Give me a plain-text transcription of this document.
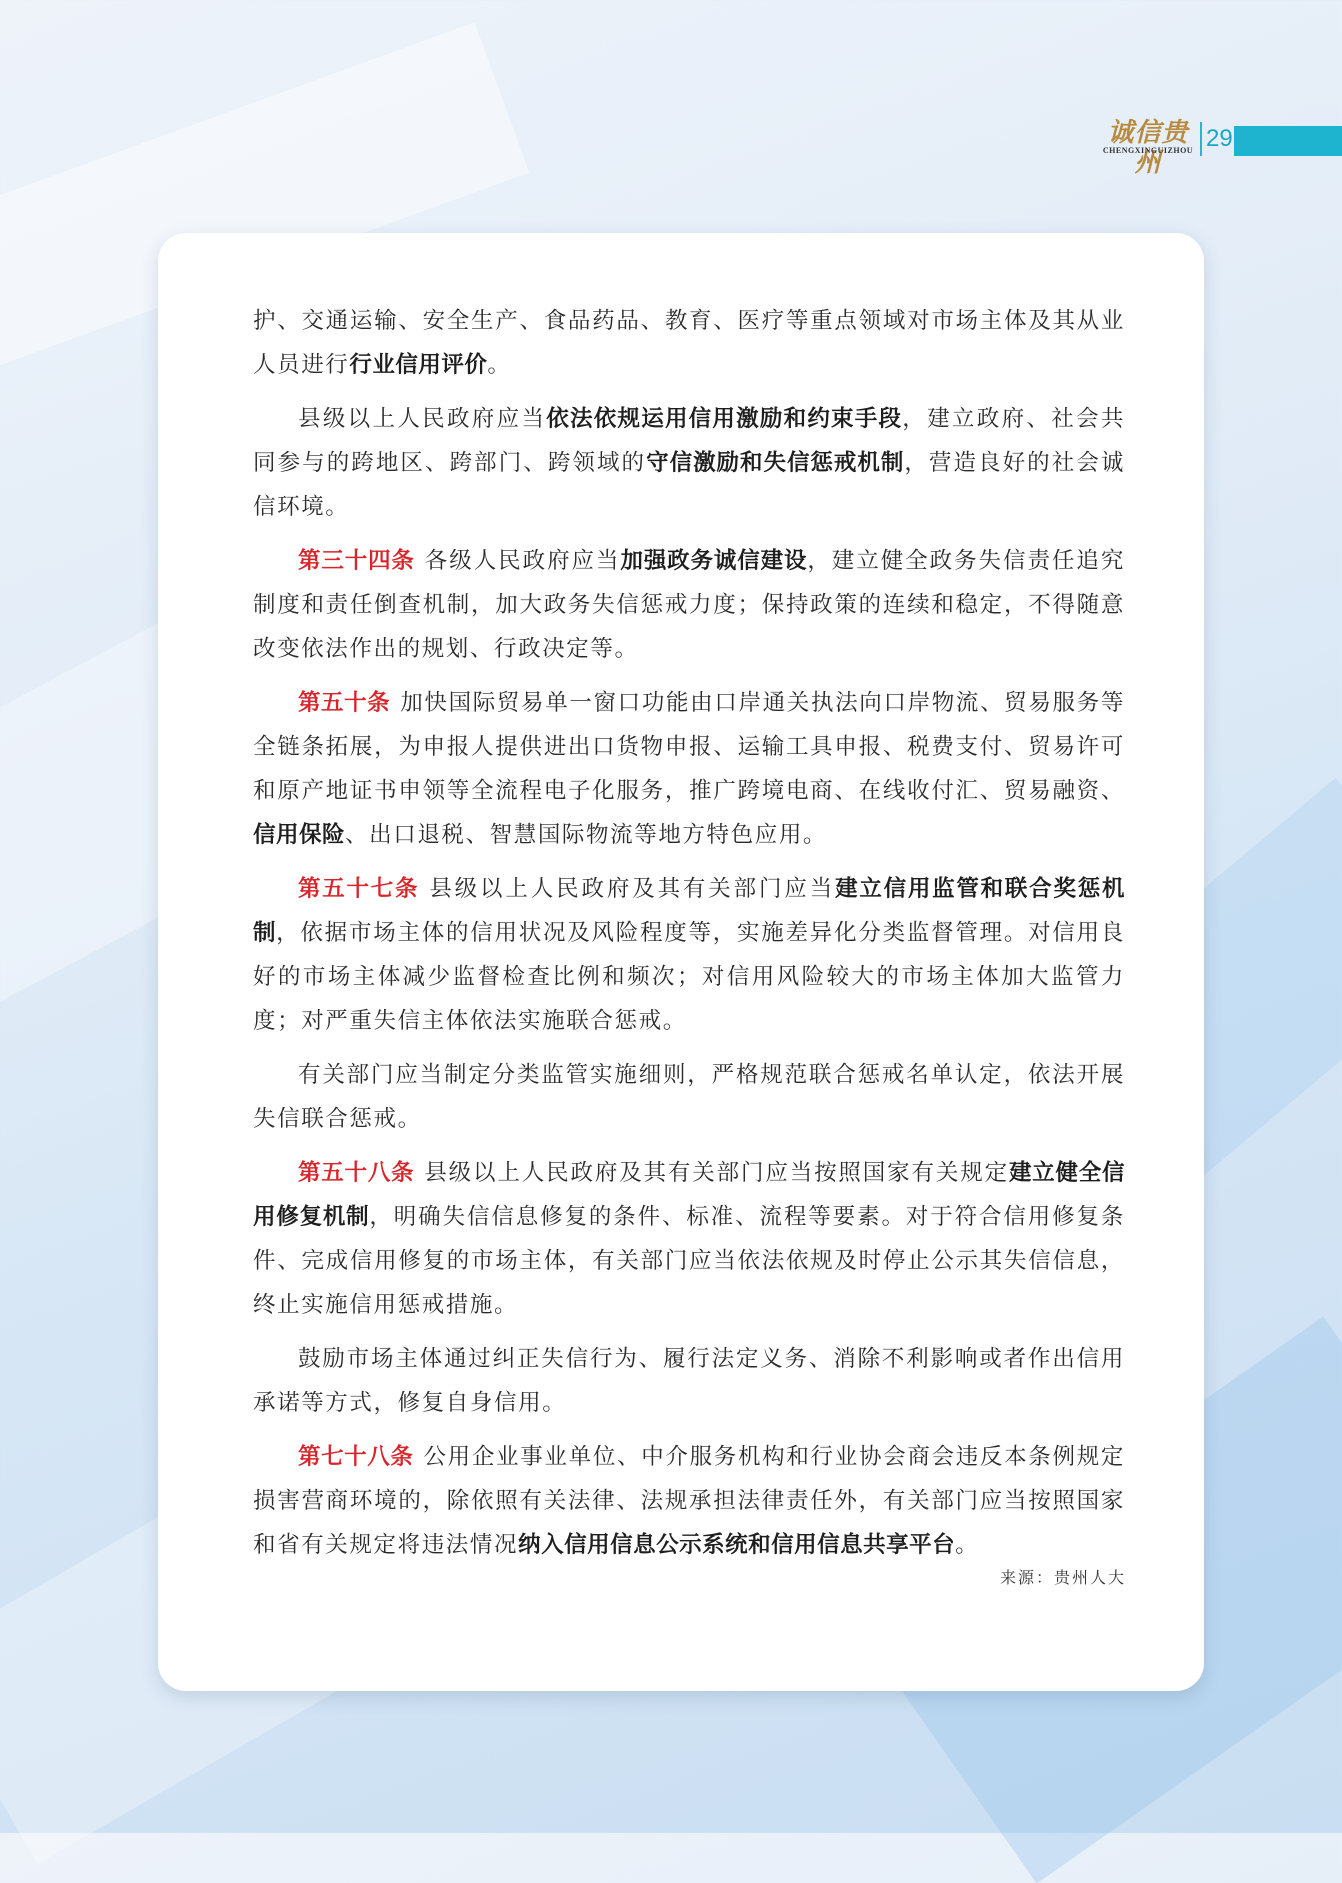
诚信贵州
CHENGXINGUIZHOU 29

护、交通运输、安全生产、食品药品、教育、医疗等重点领域对市场主体及其从业人员进行行业信用评价。

县级以上人民政府应当依法依规运用信用激励和约束手段，建立政府、社会共同参与的跨地区、跨部门、跨领域的守信激励和失信惩戒机制，营造良好的社会诚信环境。

第三十四条 各级人民政府应当加强政务诚信建设，建立健全政务失信责任追究制度和责任倒查机制，加大政务失信惩戒力度；保持政策的连续和稳定，不得随意改变依法作出的规划、行政决定等。

第五十条 加快国际贸易单一窗口功能由口岸通关执法向口岸物流、贸易服务等全链条拓展，为申报人提供进出口货物申报、运输工具申报、税费支付、贸易许可和原产地证书申领等全流程电子化服务，推广跨境电商、在线收付汇、贸易融资、信用保险、出口退税、智慧国际物流等地方特色应用。

第五十七条 县级以上人民政府及其有关部门应当建立信用监管和联合奖惩机制，依据市场主体的信用状况及风险程度等，实施差异化分类监督管理。对信用良好的市场主体减少监督检查比例和频次；对信用风险较大的市场主体加大监管力度；对严重失信主体依法实施联合惩戒。

有关部门应当制定分类监管实施细则，严格规范联合惩戒名单认定，依法开展失信联合惩戒。

第五十八条 县级以上人民政府及其有关部门应当按照国家有关规定建立健全信用修复机制，明确失信信息修复的条件、标准、流程等要素。对于符合信用修复条件、完成信用修复的市场主体，有关部门应当依法依规及时停止公示其失信信息，终止实施信用惩戒措施。

鼓励市场主体通过纠正失信行为、履行法定义务、消除不利影响或者作出信用承诺等方式，修复自身信用。

第七十八条 公用企业事业单位、中介服务机构和行业协会商会违反本条例规定损害营商环境的，除依照有关法律、法规承担法律责任外，有关部门应当按照国家和省有关规定将违法情况纳入信用信息公示系统和信用信息共享平台。

来源：贵州人大
